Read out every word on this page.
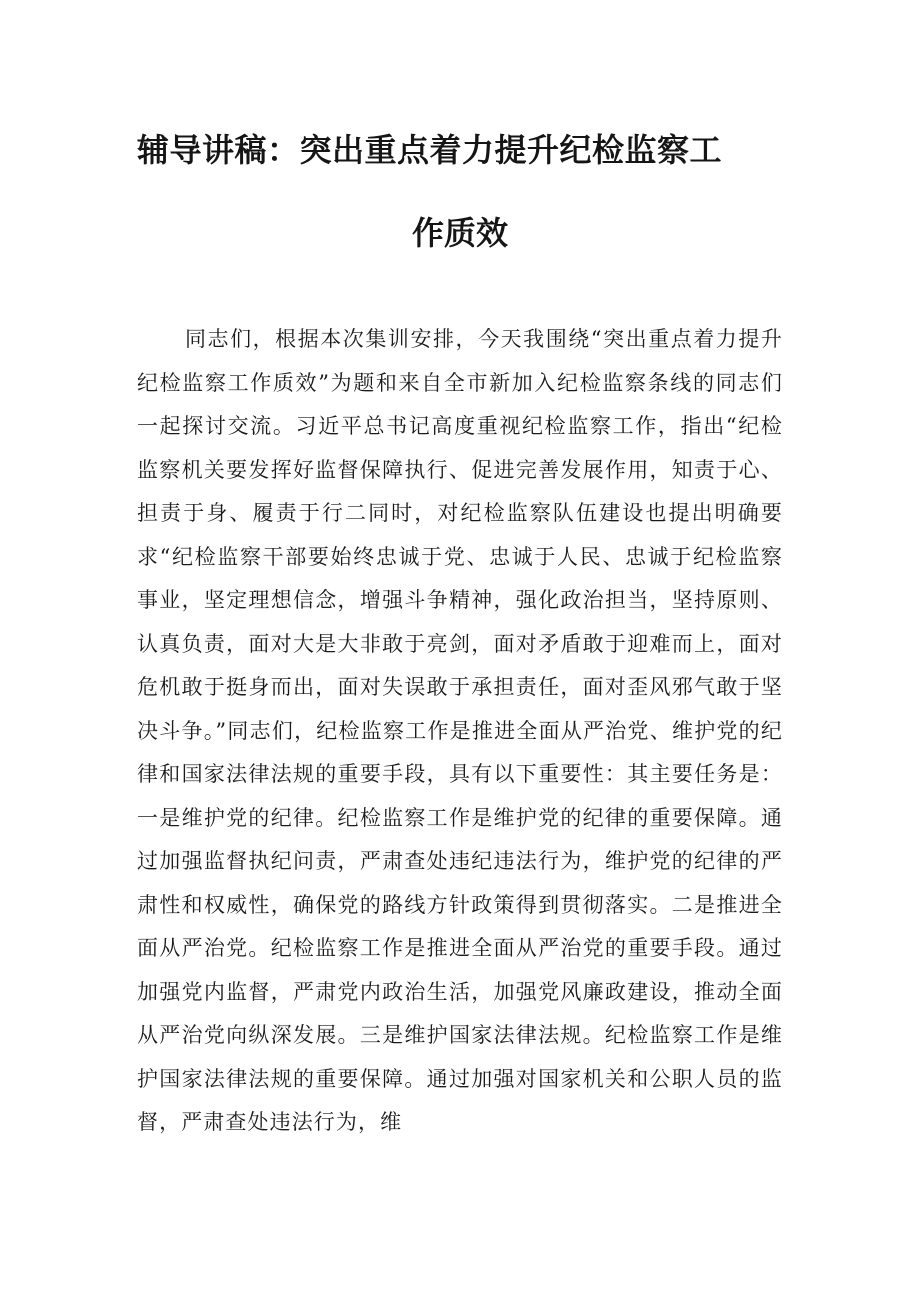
辅导讲稿：突出重点着力提升纪检监察工
作质效

同志们，根据本次集训安排，今天我围绕“突出重点着力提升纪检监察工作质效”为题和来自全市新加入纪检监察条线的同志们一起探讨交流。习近平总书记高度重视纪检监察工作，指出“纪检监察机关要发挥好监督保障执行、促进完善发展作用，知责于心、担责于身、履责于行二同时，对纪检监察队伍建设也提出明确要求“纪检监察干部要始终忠诚于党、忠诚于人民、忠诚于纪检监察事业，坚定理想信念，增强斗争精神，强化政治担当，坚持原则、认真负责，面对大是大非敢于亮剑，面对矛盾敢于迎难而上，面对危机敢于挺身而出，面对失误敢于承担责任，面对歪风邪气敢于坚决斗争。”同志们，纪检监察工作是推进全面从严治党、维护党的纪律和国家法律法规的重要手段，具有以下重要性：其主要任务是：一是维护党的纪律。纪检监察工作是维护党的纪律的重要保障。通过加强监督执纪问责，严肃查处违纪违法行为，维护党的纪律的严肃性和权威性，确保党的路线方针政策得到贯彻落实。二是推进全面从严治党。纪检监察工作是推进全面从严治党的重要手段。通过加强党内监督，严肃党内政治生活，加强党风廉政建设，推动全面从严治党向纵深发展。三是维护国家法律法规。纪检监察工作是维护国家法律法规的重要保障。通过加强对国家机关和公职人员的监督，严肃查处违法行为，维
